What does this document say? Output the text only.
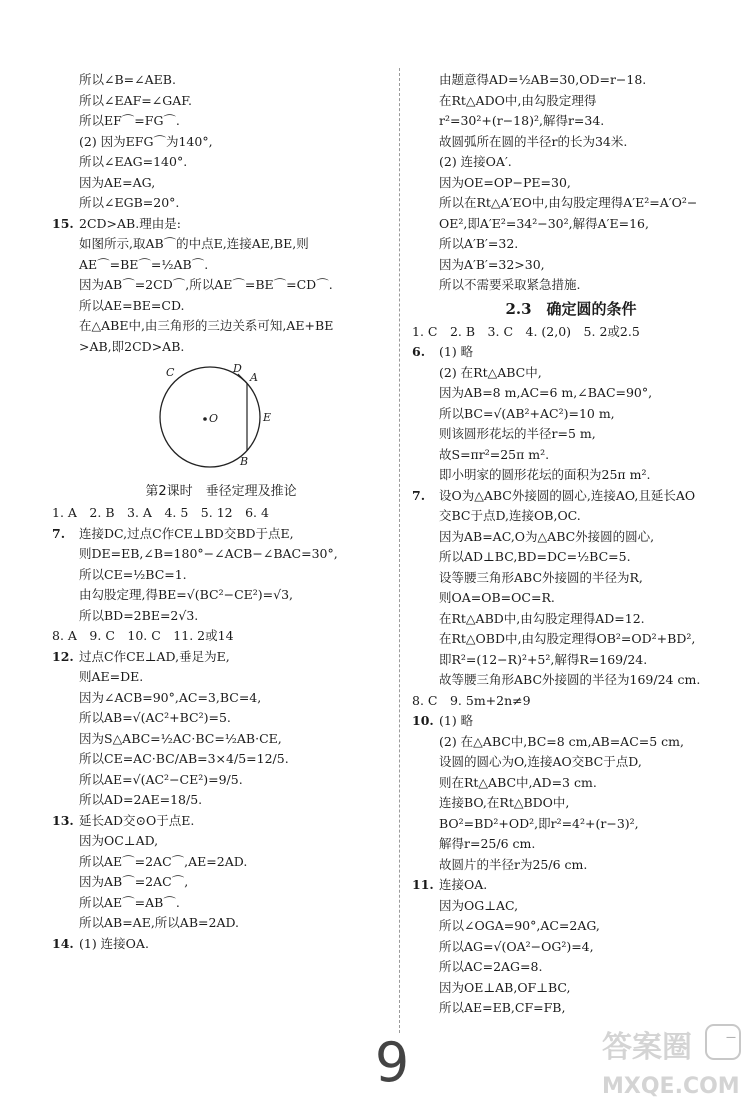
所以∠B=∠AEB.
所以∠EAF=∠GAF.
所以EF⌒=FG⌒.
(2) 因为EFG⌒为140°,
所以∠EAG=140°.
因为AE=AG,
所以∠EGB=20°.
15. 2CD>AB.理由是:
如图所示,取AB⌒的中点E,连接AE,BE,则
AE⌒=BE⌒=½AB⌒.
因为AB⌒=2CD⌒,所以AE⌒=BE⌒=CD⌒.
所以AE=BE=CD.
在△ABE中,由三角形的三边关系可知,AE+BE
>AB,即2CD>AB.
C	D
A
E
B
O
第2课时　垂径定理及推论
1. A　2. B　3. A　4. 5　5. 12　6. 4
7. 连接DC,过点C作CE⊥BD交BD于点E,
则DE=EB,∠B=180°−∠ACB−∠BAC=30°,
所以CE=½BC=1.
由勾股定理,得BE=√(BC²−CE²)=√3,
所以BD=2BE=2√3.
8. A　9. C　10. C　11. 2或14
12. 过点C作CE⊥AD,垂足为E,
则AE=DE.
因为∠ACB=90°,AC=3,BC=4,
所以AB=√(AC²+BC²)=5.
因为S△ABC=½AC·BC=½AB·CE,
所以CE=AC·BC/AB=3×4/5=12/5.
所以AE=√(AC²−CE²)=9/5.
所以AD=2AE=18/5.
13. 延长AD交⊙O于点E.
因为OC⊥AD,
所以AE⌒=2AC⌒,AE=2AD.
因为AB⌒=2AC⌒,
所以AE⌒=AB⌒.
所以AB=AE,所以AB=2AD.
14. (1) 连接OA.
由题意得AD=½AB=30,OD=r−18.
在Rt△ADO中,由勾股定理得
r²=30²+(r−18)²,解得r=34.
故圆弧所在圆的半径r的长为34米.
(2) 连接OA′.
因为OE=OP−PE=30,
所以在Rt△A′EO中,由勾股定理得A′E²=A′O²−
OE²,即A′E²=34²−30²,解得A′E=16,
所以A′B′=32.
因为A′B′=32>30,
所以不需要采取紧急措施.
2.3　确定圆的条件
1. C　2. B　3. C　4. (2,0)　5. 2或2.5
6. (1) 略
(2) 在Rt△ABC中,
因为AB=8 m,AC=6 m,∠BAC=90°,
所以BC=√(AB²+AC²)=10 m,
则该圆形花坛的半径r=5 m,
故S=πr²=25π m².
即小明家的圆形花坛的面积为25π m².
7. 设O为△ABC外接圆的圆心,连接AO,且延长AO
交BC于点D,连接OB,OC.
因为AB=AC,O为△ABC外接圆的圆心,
所以AD⊥BC,BD=DC=½BC=5.
设等腰三角形ABC外接圆的半径为R,
则OA=OB=OC=R.
在Rt△ABD中,由勾股定理得AD=12.
在Rt△OBD中,由勾股定理得OB²=OD²+BD²,
即R²=(12−R)²+5²,解得R=169/24.
故等腰三角形ABC外接圆的半径为169/24 cm.
8. C　9. 5m+2n≠9
10. (1) 略
(2) 在△ABC中,BC=8 cm,AB=AC=5 cm,
设圆的圆心为O,连接AO交BC于点D,
则在Rt△ABC中,AD=3 cm.
连接BO,在Rt△BDO中,
BO²=BD²+OD²,即r²=4²+(r−3)²,
解得r=25/6 cm.
故圆片的半径r为25/6 cm.
11. 连接OA.
因为OG⊥AC,
所以∠OGA=90°,AC=2AG,
所以AG=√(OA²−OG²)=4,
所以AC=2AG=8.
因为OE⊥AB,OF⊥BC,
所以AE=EB,CF=FB,
—
9	答案圈
MXQE.COM
